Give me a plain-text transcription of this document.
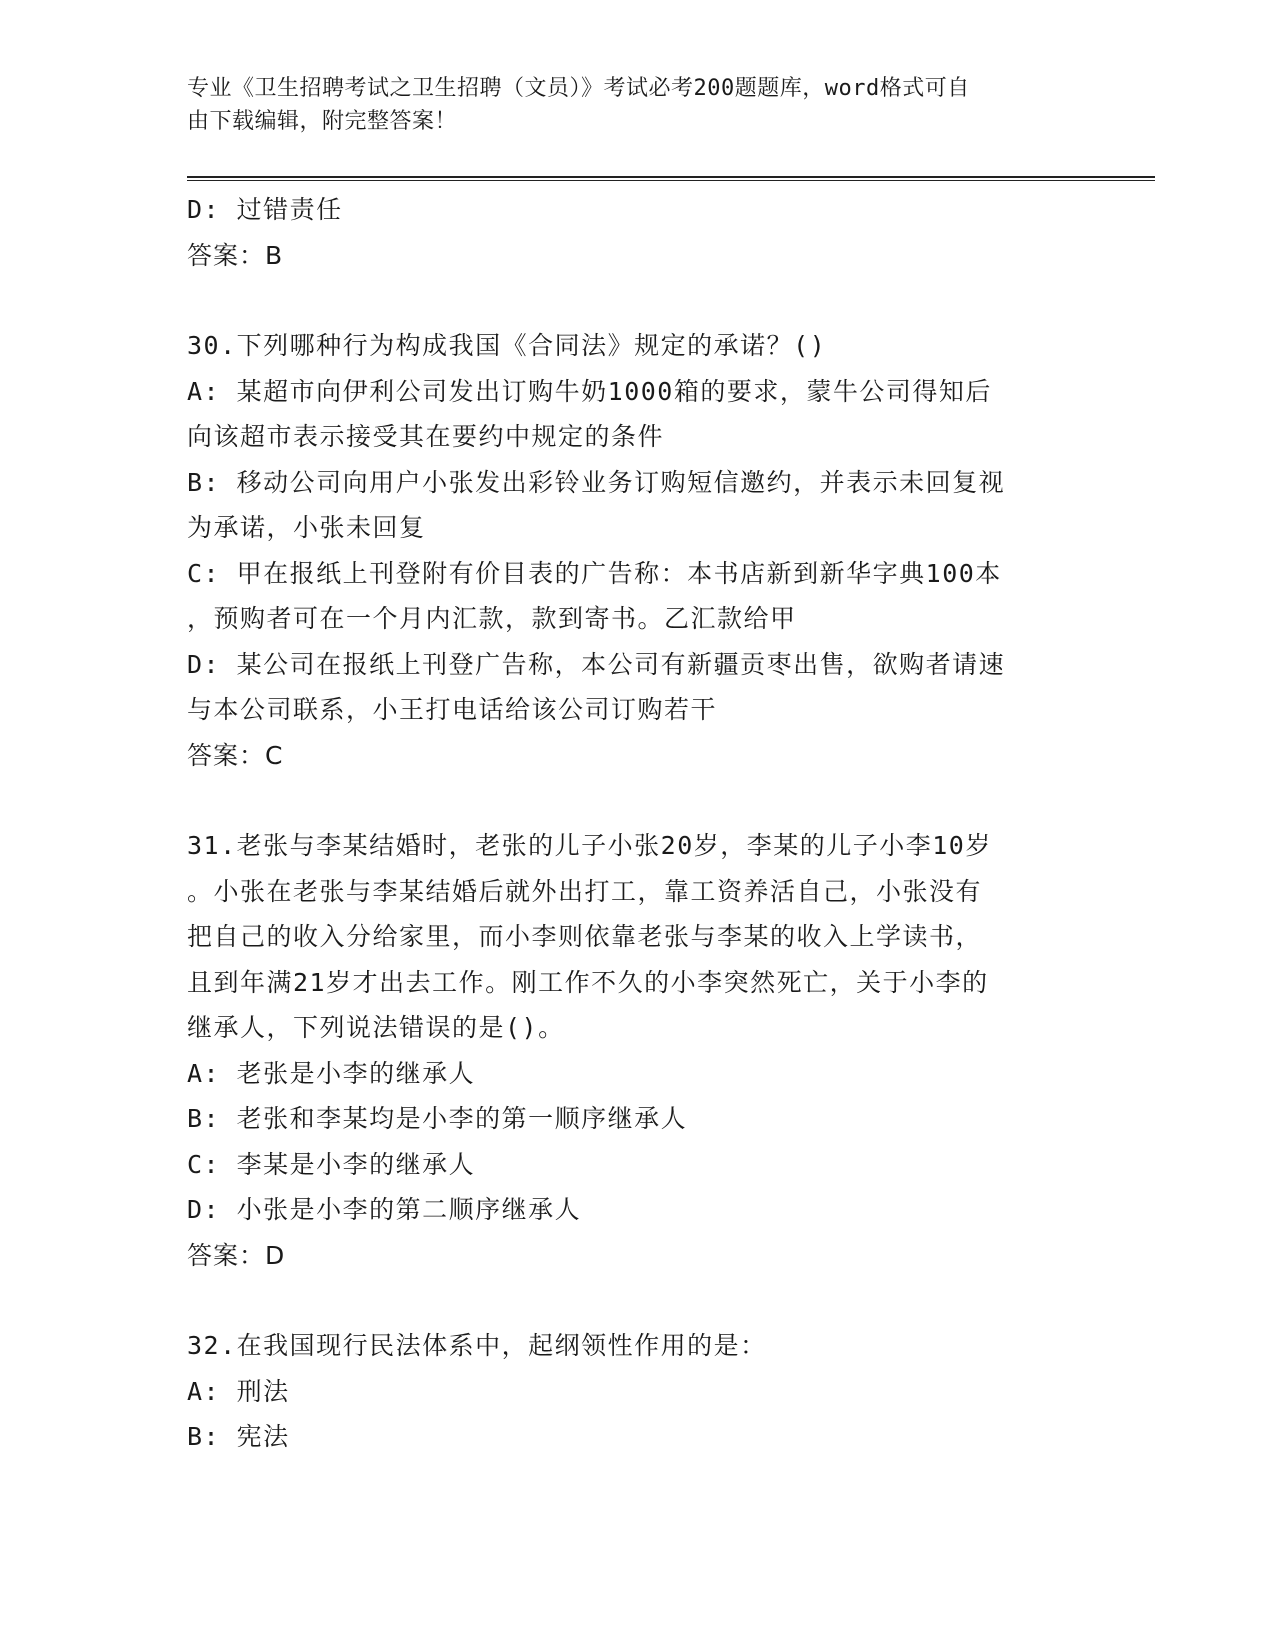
专业《卫生招聘考试之卫生招聘（文员）》考试必考200题题库，word格式可自
由下载编辑，附完整答案！
D: 过错责任
答案：B
30.下列哪种行为构成我国《合同法》规定的承诺？()
A: 某超市向伊利公司发出订购牛奶1000箱的要求，蒙牛公司得知后
向该超市表示接受其在要约中规定的条件
B: 移动公司向用户小张发出彩铃业务订购短信邀约，并表示未回复视
为承诺，小张未回复
C: 甲在报纸上刊登附有价目表的广告称：本书店新到新华字典100本
，预购者可在一个月内汇款，款到寄书。乙汇款给甲
D: 某公司在报纸上刊登广告称，本公司有新疆贡枣出售，欲购者请速
与本公司联系，小王打电话给该公司订购若干
答案：C
31.老张与李某结婚时，老张的儿子小张20岁，李某的儿子小李10岁
。小张在老张与李某结婚后就外出打工，靠工资养活自己，小张没有
把自己的收入分给家里，而小李则依靠老张与李某的收入上学读书，
且到年满21岁才出去工作。刚工作不久的小李突然死亡，关于小李的
继承人，下列说法错误的是()。
A: 老张是小李的继承人
B: 老张和李某均是小李的第一顺序继承人
C: 李某是小李的继承人
D: 小张是小李的第二顺序继承人
答案：D
32.在我国现行民法体系中，起纲领性作用的是：
A: 刑法
B: 宪法
